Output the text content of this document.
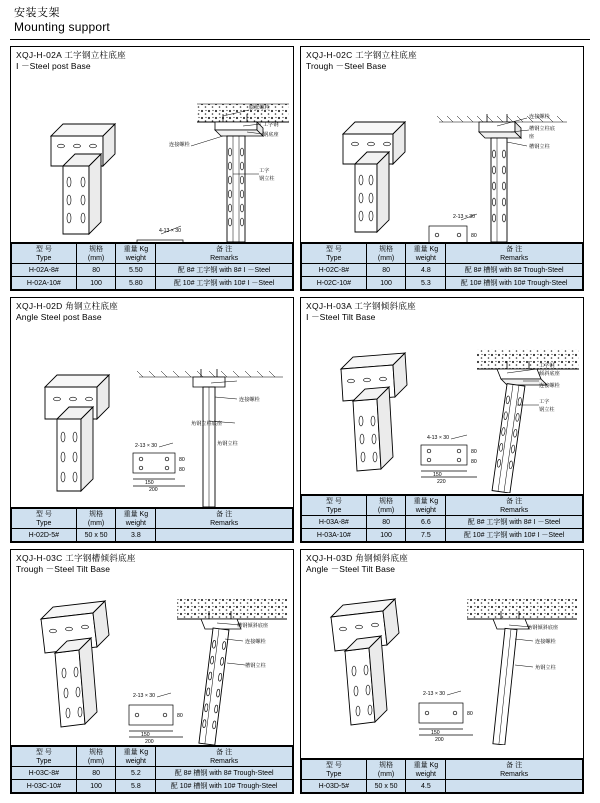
安装支架
Mounting support
XQJ-H-02A 工字钢立柱底座
Ⅰ －Steel post Base
膨胀螺栓
工字钢
钢底座
连接螺栓
工字
钢立柱
4-13 × 30
型 号
Type	规格
(mm)	重量 Kg
weight	备 注
Remarks

H-02A-8#	80	5.50	配 8# 工字钢 with 8# Ⅰ －Steel
H-02A-10#	100	5.80	配 10# 工字钢 with 10# Ⅰ －Steel
XQJ-H-02C 工字钢立柱底座
Trough －Steel Base
连接螺栓
槽钢立柱底
座
槽钢立柱
2-13 × 30
80
型 号
Type	规格
(mm)	重量 Kg
weight	备 注
Remarks

H-02C-8#	80	4.8	配 8# 槽钢 with 8# Trough-Steel
H-02C-10#	100	5.3	配 10# 槽钢 with 10# Trough-Steel
XQJ-H-02D 角钢立柱底座
Angle Steel post Base
角钢立柱底座
连接螺栓
角钢立柱
2-13 × 30
150
200
80
80
型 号
Type	规格
(mm)	重量 Kg
weight	备 注
Remarks

H-02D-5#	50 x 50	3.8	
XQJ-H-03A 工字钢倾斜底座
Ⅰ －Steel Tilt Base
工字钢
倾斜底座
连接螺栓
工字
钢立柱
4-13 × 30
150
220
80
80
型 号
Type	规格
(mm)	重量 Kg
weight	备 注
Remarks

H-03A-8#	80	6.6	配 8# 工字钢 with 8# Ⅰ －Steel
H-03A-10#	100	7.5	配 10# 工字钢 with 10# Ⅰ －Steel
XQJ-H-03C 工字钢槽倾斜底座
Trough －Steel Tilt Base
槽钢倾斜底座
连接螺栓
槽钢立柱
2-13 × 30
150
200
80
型 号
Type	规格
(mm)	重量 Kg
weight	备 注
Remarks

H-03C-8#	80	5.2	配 8# 槽钢 with 8# Trough-Steel
H-03C-10#	100	5.8	配 10# 槽钢 with 10# Trough-Steel
XQJ-H-03D 角钢倾斜底座
Angle －Steel Tilt Base
角钢倾斜底座
连接螺栓
角钢立柱
2-13 × 30
150
200
80
型 号
Type	规格
(mm)	重量 Kg
weight	备 注
Remarks

H-03D-5#	50 x 50	4.5	
